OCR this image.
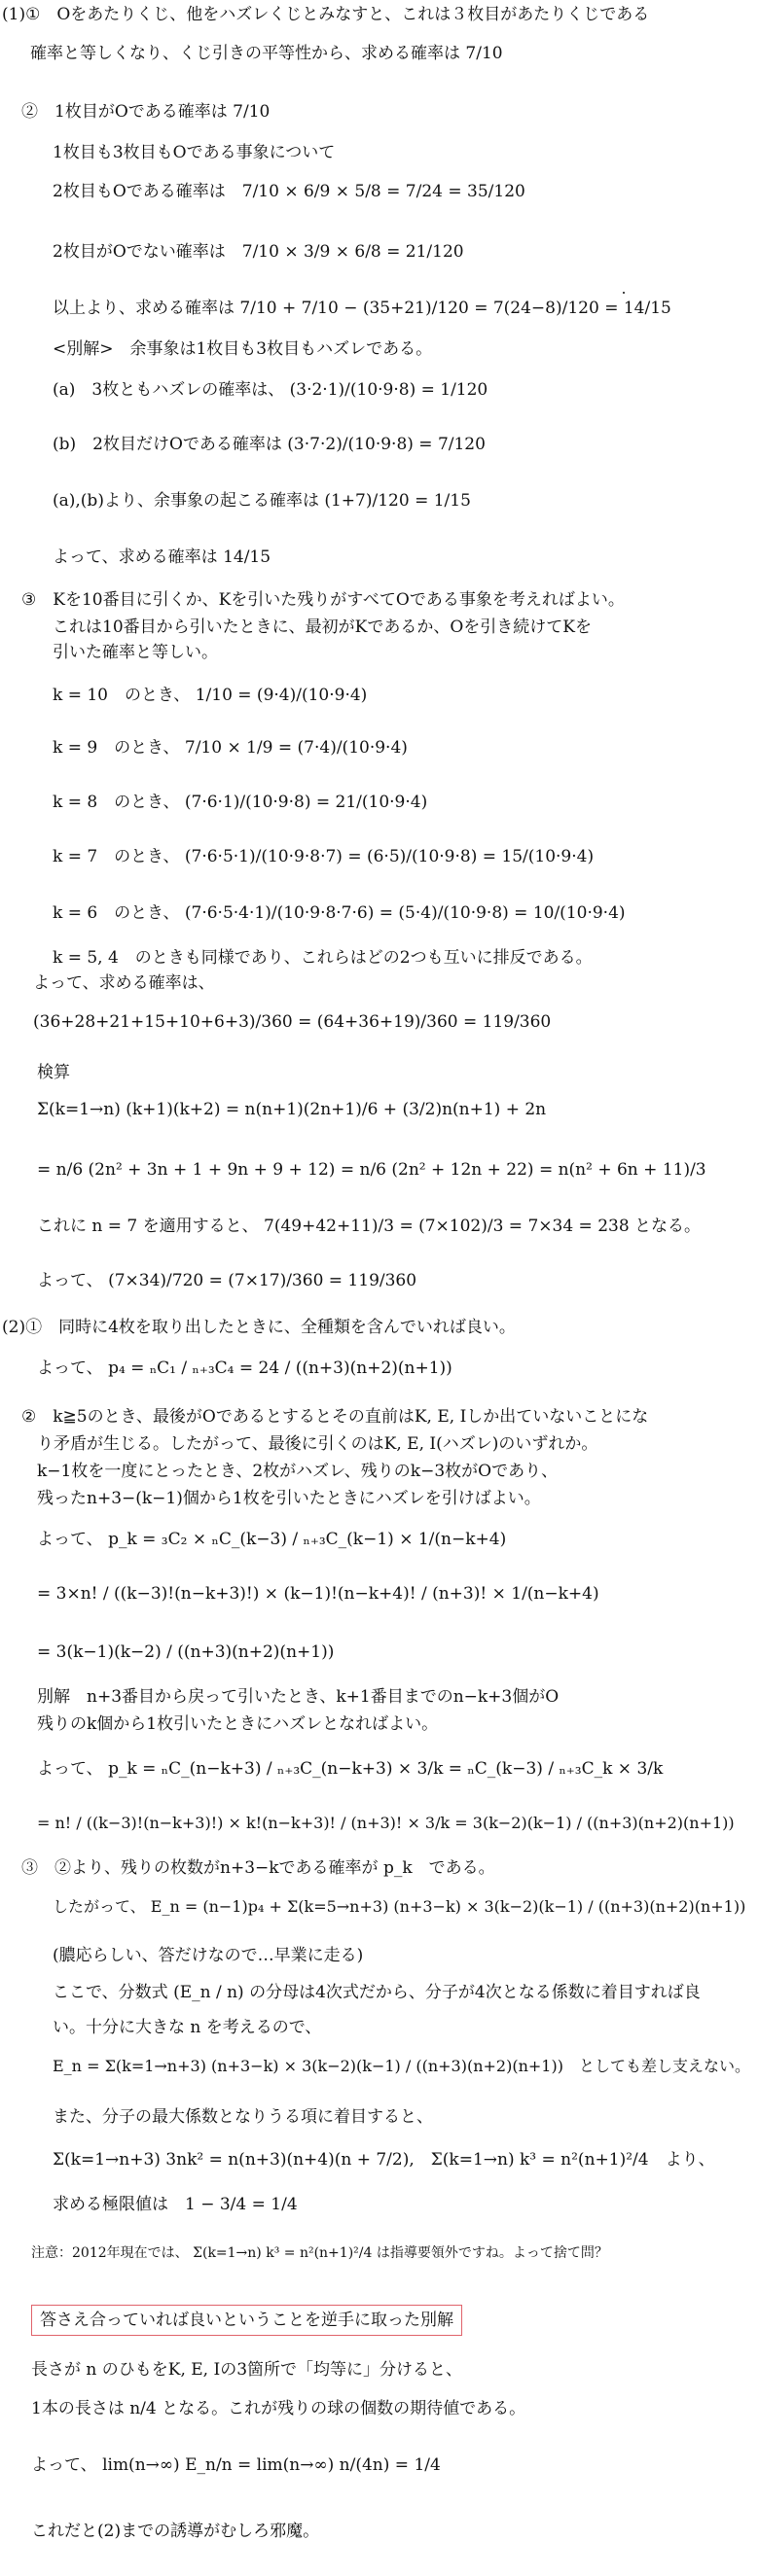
(1)①　Oをあたりくじ、他をハズレくじとみなすと、これは３枚目があたりくじである
　確率と等しくなり、くじ引きの平等性から、求める確率は 7/10
②　1枚目がOである確率は 7/10
1枚目も3枚目もOである事象について
2枚目もOである確率は　7/10 × 6/9 × 5/8 = 7/24 = 35/120
2枚目がOでない確率は　7/10 × 3/9 × 6/8 = 21/120
以上より、求める確率は 7/10 + 7/10 − (35+21)/120 = 7(24−8)/120 = 14/15
<別解>　余事象は1枚目も3枚目もハズレである。
(a)　3枚ともハズレの確率は、 (3·2·1)/(10·9·8) = 1/120
(b)　2枚目だけOである確率は (3·7·2)/(10·9·8) = 7/120
(a),(b)より、余事象の起こる確率は (1+7)/120 = 1/15
よって、求める確率は 14/15
③　Kを10番目に引くか、Kを引いた残りがすべてOである事象を考えればよい。
これは10番目から引いたときに、最初がKであるか、Oを引き続けてKを
引いた確率と等しい。
k = 10　のとき、 1/10 = (9·4)/(10·9·4)
k = 9　のとき、 7/10 × 1/9 = (7·4)/(10·9·4)
k = 8　のとき、 (7·6·1)/(10·9·8) = 21/(10·9·4)
k = 7　のとき、 (7·6·5·1)/(10·9·8·7) = (6·5)/(10·9·8) = 15/(10·9·4)
k = 6　のとき、 (7·6·5·4·1)/(10·9·8·7·6) = (5·4)/(10·9·8) = 10/(10·9·4)
k = 5, 4　のときも同様であり、これらはどの2つも互いに排反である。
よって、求める確率は、
(36+28+21+15+10+6+3)/360 = (64+36+19)/360 = 119/360
検算
Σ(k=1→n) (k+1)(k+2) = n(n+1)(2n+1)/6 + (3/2)n(n+1) + 2n
= n/6 (2n² + 3n + 1 + 9n + 9 + 12) = n/6 (2n² + 12n + 22) = n(n² + 6n + 11)/3
これに n = 7 を適用すると、 7(49+42+11)/3 = (7×102)/3 = 7×34 = 238 となる。
よって、 (7×34)/720 = (7×17)/360 = 119/360
(2)①　同時に4枚を取り出したときに、全種類を含んでいれば良い。
よって、 p₄ = ₙC₁ / ₙ₊₃C₄ = 24 / ((n+3)(n+2)(n+1))
②　k≧5のとき、最後がOであるとするとその直前はK, E, Iしか出ていないことにな
り矛盾が生じる。したがって、最後に引くのはK, E, I(ハズレ)のいずれか。
k−1枚を一度にとったとき、2枚がハズレ、残りのk−3枚がOであり、
残ったn+3−(k−1)個から1枚を引いたときにハズレを引けばよい。
よって、 p_k = ₃C₂ × ₙC_(k−3) / ₙ₊₃C_(k−1) × 1/(n−k+4)
= 3×n! / ((k−3)!(n−k+3)!) × (k−1)!(n−k+4)! / (n+3)! × 1/(n−k+4)
= 3(k−1)(k−2) / ((n+3)(n+2)(n+1))
別解　n+3番目から戻って引いたとき、k+1番目までのn−k+3個がO
残りのk個から1枚引いたときにハズレとなればよい。
よって、 p_k = ₙC_(n−k+3) / ₙ₊₃C_(n−k+3) × 3/k = ₙC_(k−3) / ₙ₊₃C_k × 3/k
= n! / ((k−3)!(n−k+3)!) × k!(n−k+3)! / (n+3)! × 3/k = 3(k−2)(k−1) / ((n+3)(n+2)(n+1))
③　②より、残りの枚数がn+3−kである確率が p_k　である。
したがって、 E_n = (n−1)p₄ + Σ(k=5→n+3) (n+3−k) × 3(k−2)(k−1) / ((n+3)(n+2)(n+1))
(膿応らしい、答だけなので…早業に走る)
ここで、分数式 (E_n / n) の分母は4次式だから、分子が4次となる係数に着目すれば良
い。十分に大きな n を考えるので、
E_n = Σ(k=1→n+3) (n+3−k) × 3(k−2)(k−1) / ((n+3)(n+2)(n+1))　としても差し支えない。
また、分子の最大係数となりうる項に着目すると、
Σ(k=1→n+3) 3nk² = n(n+3)(n+4)(n + 7/2),　Σ(k=1→n) k³ = n²(n+1)²/4　より、
求める極限値は　1 − 3/4 = 1/4
注意：2012年現在では、 Σ(k=1→n) k³ = n²(n+1)²/4 は指導要領外ですね。よって捨て問？
答さえ合っていれば良いということを逆手に取った別解
長さが n のひもをK, E, Iの3箇所で「均等に」分けると、
1本の長さは n/4 となる。これが残りの球の個数の期待値である。
よって、 lim(n→∞) E_n/n = lim(n→∞) n/(4n) = 1/4
これだと(2)までの誘導がむしろ邪魔。
